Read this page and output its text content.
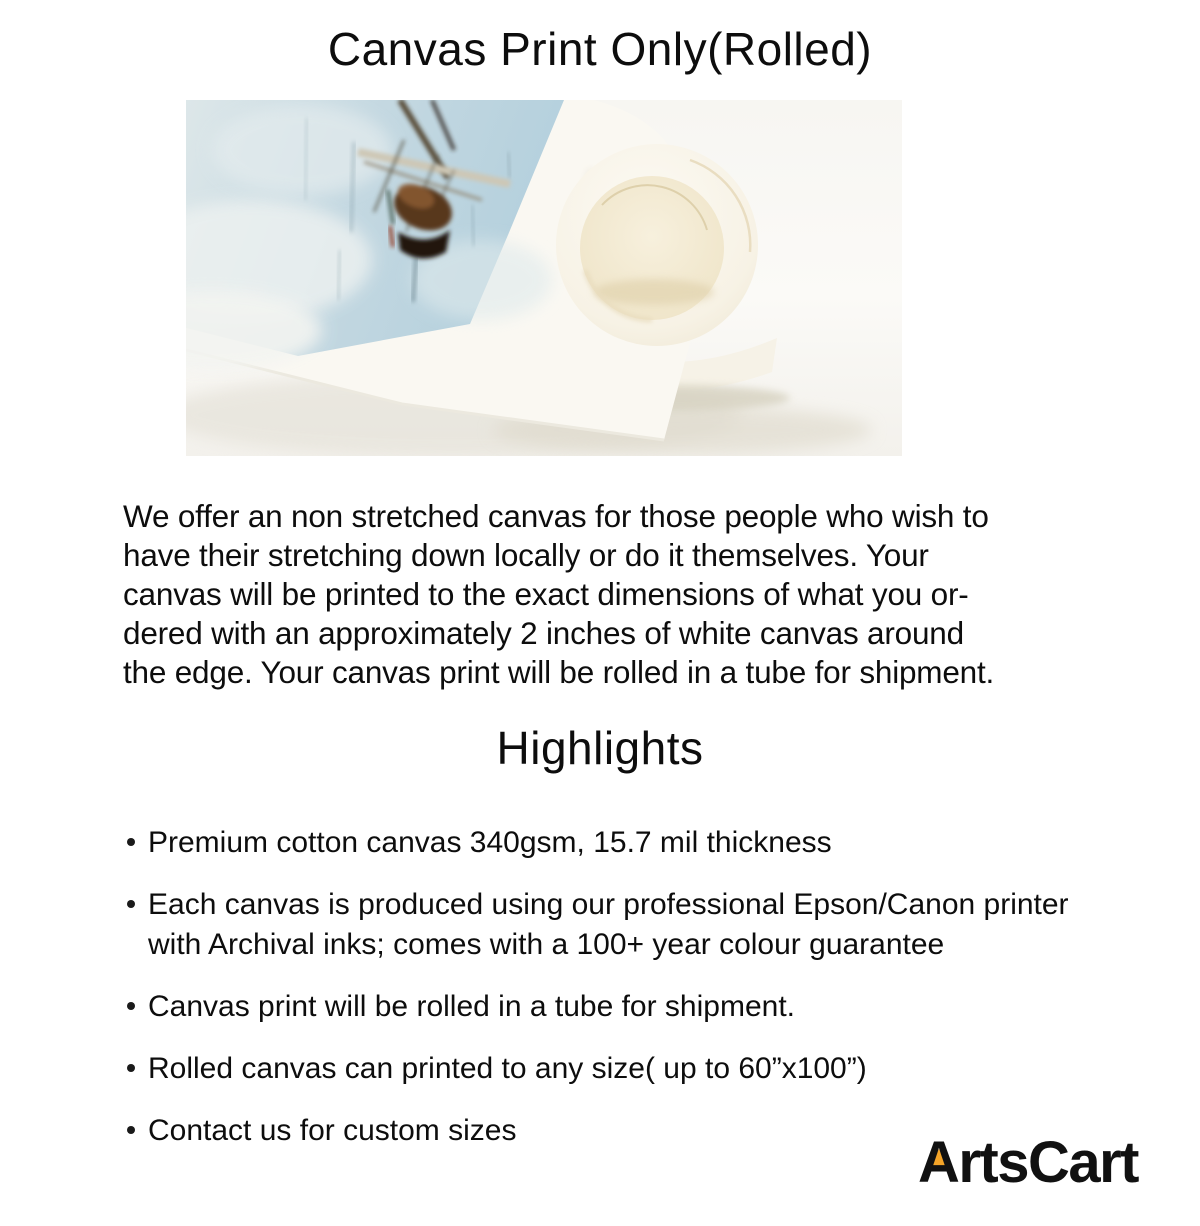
Canvas Print Only(Rolled)
We offer an non stretched canvas for those people who wish to
have their stretching down locally or do it themselves. Your
canvas will be printed to the exact dimensions of what you or-
dered with an approximately 2 inches of white canvas around
the edge. Your canvas print will be rolled in a tube for shipment.
Highlights
Premium cotton canvas 340gsm, 15.7 mil thickness
Each canvas is produced using our professional Epson/Canon printer
with Archival inks; comes with a 100+ year colour guarantee
Canvas print will be rolled in a tube for shipment.
Rolled canvas can printed to any size( up to 60”x100”)
Contact us for custom sizes	ArtsCart
